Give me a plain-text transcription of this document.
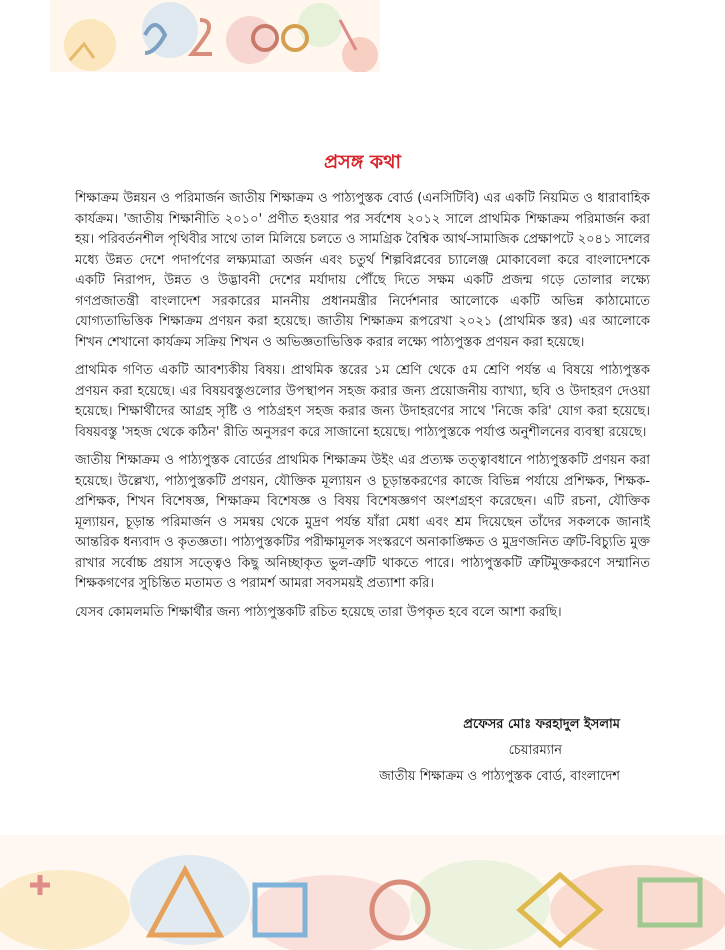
প্রসঙ্গ কথা

শিক্ষাক্রম উন্নয়ন ও পরিমার্জন জাতীয় শিক্ষাক্রম ও পাঠ্যপুস্তক বোর্ড (এনসিটিবি) এর একটি নিয়মিত ও ধারাবাহিক কার্যক্রম। 'জাতীয় শিক্ষানীতি ২০১০' প্রণীত হওয়ার পর সর্বশেষ ২০১২ সালে প্রাথমিক শিক্ষাক্রম পরিমার্জন করা হয়। পরিবর্তনশীল পৃথিবীর সাথে তাল মিলিয়ে চলতে ও সামগ্রিক বৈশ্বিক আর্থ-সামাজিক প্রেক্ষাপটে ২০৪১ সালের মধ্যে উন্নত দেশে পদার্পণের লক্ষ্যমাত্রা অর্জন এবং চতুর্থ শিল্পবিপ্লবের চ্যালেঞ্জ মোকাবেলা করে বাংলাদেশকে একটি নিরাপদ, উন্নত ও উদ্ভাবনী দেশের মর্যাদায় পৌঁছে দিতে সক্ষম একটি প্রজন্ম গড়ে তোলার লক্ষ্যে গণপ্রজাতন্ত্রী বাংলাদেশ সরকারের মাননীয় প্রধানমন্ত্রীর নির্দেশনার আলোকে একটি অভিন্ন কাঠামোতে যোগ্যতাভিত্তিক শিক্ষাক্রম প্রণয়ন করা হয়েছে। জাতীয় শিক্ষাক্রম রূপরেখা ২০২১ (প্রাথমিক স্তর) এর আলোকে শিখন শেখানো কার্যক্রম সক্রিয় শিখন ও অভিজ্ঞতাভিত্তিক করার লক্ষ্যে পাঠ্যপুস্তক প্রণয়ন করা হয়েছে।

প্রাথমিক গণিত একটি আবশ্যকীয় বিষয়। প্রাথমিক স্তরের ১ম শ্রেণি থেকে ৫ম শ্রেণি পর্যন্ত এ বিষয়ে পাঠ্যপুস্তক প্রণয়ন করা হয়েছে। এর বিষয়বস্তুগুলোর উপস্থাপন সহজ করার জন্য প্রয়োজনীয় ব্যাখ্যা, ছবি ও উদাহরণ দেওয়া হয়েছে। শিক্ষার্থীদের আগ্রহ সৃষ্টি ও পাঠগ্রহণ সহজ করার জন্য উদাহরণের সাথে 'নিজে করি' যোগ করা হয়েছে। বিষয়বস্তু 'সহজ থেকে কঠিন' রীতি অনুসরণ করে সাজানো হয়েছে। পাঠ্যপুস্তকে পর্যাপ্ত অনুশীলনের ব্যবস্থা রয়েছে।

জাতীয় শিক্ষাক্রম ও পাঠ্যপুস্তক বোর্ডের প্রাথমিক শিক্ষাক্রম উইং এর প্রত্যক্ষ তত্ত্বাবধানে পাঠ্যপুস্তকটি প্রণয়ন করা হয়েছে। উল্লেখ্য, পাঠ্যপুস্তকটি প্রণয়ন, যৌক্তিক মূল্যায়ন ও চূড়ান্তকরণের কাজে বিভিন্ন পর্যায়ে প্রশিক্ষক, শিক্ষক-প্রশিক্ষক, শিখন বিশেষজ্ঞ, শিক্ষাক্রম বিশেষজ্ঞ ও বিষয় বিশেষজ্ঞগণ অংশগ্রহণ করেছেন। এটি রচনা, যৌক্তিক মূল্যায়ন, চূড়ান্ত পরিমার্জন ও সমন্বয় থেকে মুদ্রণ পর্যন্ত যাঁরা মেধা এবং শ্রম দিয়েছেন তাঁদের সকলকে জানাই আন্তরিক ধন্যবাদ ও কৃতজ্ঞতা। পাঠ্যপুস্তকটির পরীক্ষামূলক সংস্করণে অনাকাঙ্ক্ষিত ও মুদ্রণজনিত ত্রুটি-বিচ্যুতি মুক্ত রাখার সর্বোচ্চ প্রয়াস সত্ত্বেও কিছু অনিচ্ছাকৃত ভুল-ত্রুটি থাকতে পারে। পাঠ্যপুস্তকটি ত্রুটিমুক্তকরণে সম্মানিত শিক্ষকগণের সুচিন্তিত মতামত ও পরামর্শ আমরা সবসময়ই প্রত্যাশা করি।

যেসব কোমলমতি শিক্ষার্থীর জন্য পাঠ্যপুস্তকটি রচিত হয়েছে তারা উপকৃত হবে বলে আশা করছি।

প্রফেসর মোঃ ফরহাদুল ইসলাম
চেয়ারম্যান
জাতীয় শিক্ষাক্রম ও পাঠ্যপুস্তক বোর্ড, বাংলাদেশ
